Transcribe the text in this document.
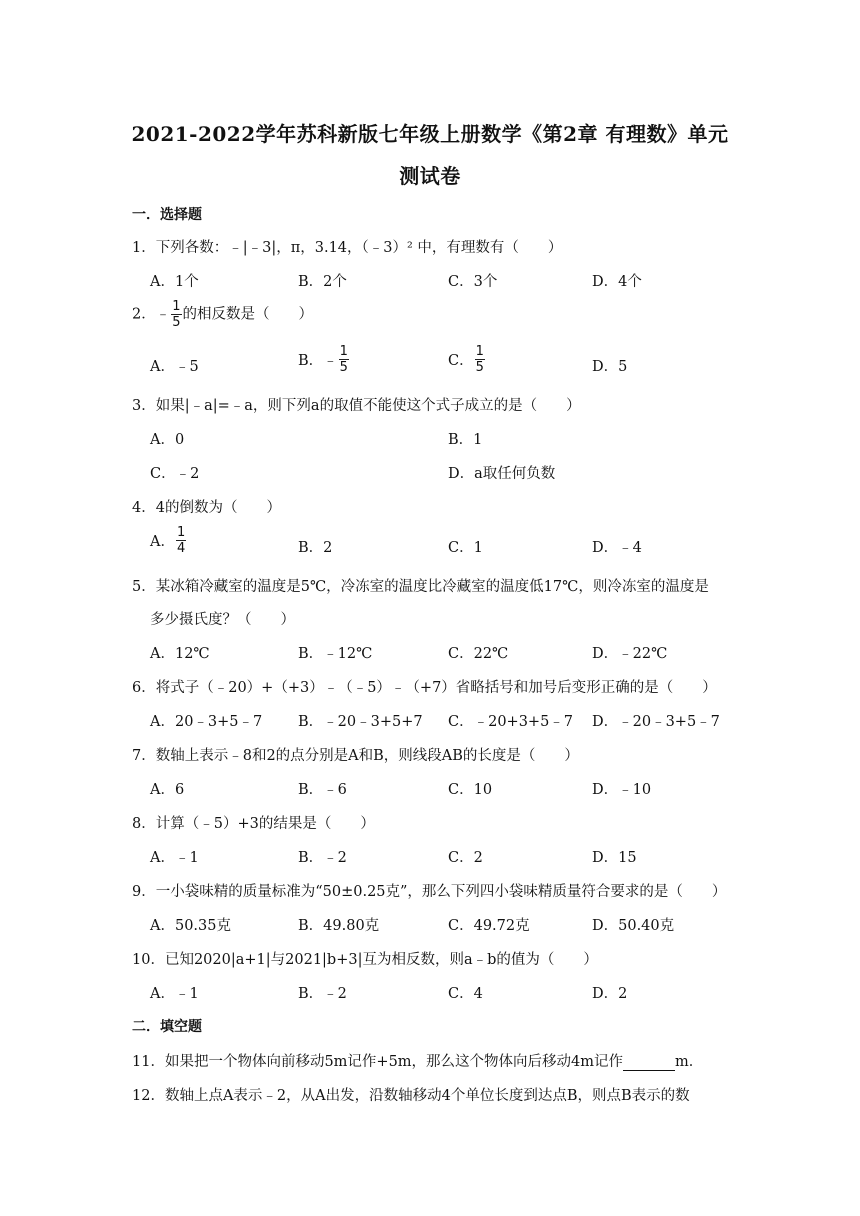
2021-2022学年苏科新版七年级上册数学《第2章 有理数》单元
测试卷
一．选择题
1．下列各数：﹣|﹣3|，π，3.14，（﹣3）² 中，有理数有（　　）
A．1个	B．2个	C．3个	D．4个
2．﹣ $\frac{1}{5}$ 的相反数是（　　）
A．﹣5	B．﹣ $\frac{1}{5}$	C． $\frac{1}{5}$	D．5
3．如果|﹣a|=﹣a，则下列a的取值不能使这个式子成立的是（　　）
A．0	B．1
C．﹣2	D．a取任何负数
4．4的倒数为（　　）
A． $\frac{1}{4}$	B．2	C．1	D．﹣4
5．某冰箱冷藏室的温度是5℃，冷冻室的温度比冷藏室的温度低17℃，则冷冻室的温度是
多少摄氏度？（　　）
A．12℃	B．﹣12℃	C．22℃	D．﹣22℃
6．将式子（﹣20）+（+3）﹣（﹣5）﹣（+7）省略括号和加号后变形正确的是（　　）
A．20﹣3+5﹣7 B．﹣20﹣3+5+7 C．﹣20+3+5﹣7 D．﹣20﹣3+5﹣7
7．数轴上表示﹣8和2的点分别是A和B，则线段AB的长度是（　　）
A．6	B．﹣6	C．10	D．﹣10
8．计算（﹣5）+3的结果是（　　）
A．﹣1	B．﹣2	C．2	D．15
9．一小袋味精的质量标准为“50±0.25克”，那么下列四小袋味精质量符合要求的是（　　）
A．50.35克	B．49.80克	C．49.72克	D．50.40克
10．已知2020|a+1|与2021|b+3|互为相反数，则a﹣b的值为（　　）
A．﹣1	B．﹣2	C．4	D．2
二．填空题
11．如果把一个物体向前移动5m记作+5m，那么这个物体向后移动4m记作	m．
12．数轴上点A表示﹣2，从A出发，沿数轴移动4个单位长度到达点B，则点B表示的数
